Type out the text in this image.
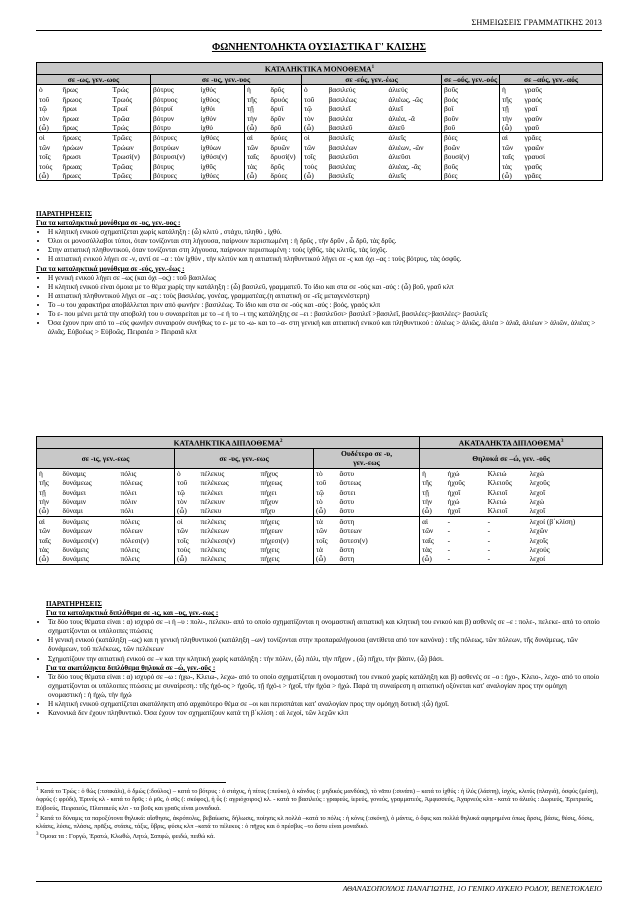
ΣΗΜΕΙΩΣΕΙΣ ΓΡΑΜΜΑΤΙΚΗΣ 2013
ΦΩΝΗΕΝΤΟΛΗΚΤΑ ΟΥΣΙΑΣΤΙΚΑ Γ' ΚΛΙΣΗΣ
ΚΑΤΑΛΗΚΤΙΚΑ ΜΟΝΟΘΕΜΑ$^1$
σε -ως, γεν.-ωος			σε -υς, γεν.-υος				σε -εύς, γεν.-έως			σε –ούς, γεν.-οός	σε –αύς, γεν.-αός	
ὁ	ἥρως	Τρώς	βότρυς	ἰχθύς	ἡ	δρῦς	ὁ	βασιλεύς	ἁλιεύς	βοῦς	ἡ	γραῦς
τοῦ	ἥρωος	Τρωός	βότρυος	ἰχθύος	τῆς	δρυός	τοῦ	βασιλέως	ἁλιέως, -ῶς	βοός	τῆς	γραός
τῷ	ἥρωι	Τρωΐ	βότρυϊ	ἰχθύι	τῇ	δρυΐ	τῷ	βασιλεῖ	ἁλιεῖ	βοΐ	τῇ	γραΐ
τὸν	ἥρωα	Τρῶα	βότρυν	ἰχθύν	τὴν	δρῦν	τὸν	βασιλέα	ἁλιέα, -ᾶ	βοῦν	τὴν	γραῦν
(ὦ)	ἥρως	Τρώς	βότρυ	ἰχθύ	(ὦ)	δρῦ	(ὦ)	βασιλεῦ	ἁλιεῦ	βοῦ	(ὦ)	γραῦ
οἱ	ἥρωες	Τρῶες	βότρυες	ἰχθύες	αἱ	δρύες	οἱ	βασιλεῖς	ἁλιεῖς	βόες	αἱ	γρᾶες
τῶν	ἡρώων	Τρώων	βοτρύων	ἰχθύων	τῶν	δρυῶν	τῶν	βασιλέων	ἁλιέων, -ῶν	βοῶν	τῶν	γραῶν
τοῖς	ἥρωσι	Τρωσί(ν)	βότρυσι(ν)	ἰχθύσι(ν)	ταῖς	δρυσί(ν)	τοῖς	βασιλεῦσι	ἁλιεῦσι	βουσί(ν)	ταῖς	γραυσί
τοὺς	ἥρωας	Τρῶας	βότρυς	ἰχθῦς	τὰς	δρῦς	τοὺς	βασιλέας	ἁλιέας, -ᾶς	βοῦς	τὰς	γραῦς
(ὦ)	ἥρωες	Τρῶες	βότρυες	ἰχθύες	(ὦ)	δρύες	(ὦ)	βασιλεῖς	ἁλιεῖς	βόες	(ὦ)	γρᾶες
ΠΑΡΑΤΗΡΗΣΕΙΣ
Για τα καταληκτικά μονόθεμα σε -υς, γεν.-υος :
• Η κλητική ενικού σχηματίζεται χωρίς κατάληξη : (ὦ) κλιτύ , στάχυ, πληθύ , ἰχθύ.
• Όλοι οι μονοσύλλαβοι τύποι, όταν τονίζονται στη λήγουσα, παίρνουν περισπωμένη : ἡ δρῦς , τὴν δρῦν , ὦ δρῦ, τὰς δρῦς.
• Στην αιτιατική πληθυντικού, όταν τονίζονται στη λήγουσα, παίρνουν περισπωμένη : τοὺς ἰχθῦς, τὰς κλιτῦς, τὰς ἰσχῦς.
• Η αιτιατική ενικού λήγει σε -ν, αντί σε –α : τὸν ἰχθύν , τὴν κλιτύν και η αιτιατική πληθυντικού λήγει σε -ς και όχι –ας : τοὺς βότρυς, τὰς ὀσφῦς.
Για τα καταληκτικά μονόθεμα σε -εύς, γεν.-έως :
• Η γενική ενικού λήγει σε –ως (και όχι –ος) : τοῦ βασιλέως
• Η κλητική ενικού είναι όμοια με το θέμα χωρίς την κατάληξη : (ὦ) βασιλεῦ, γραμματεῦ. Το ίδιο και στα σε -ούς και -αύς : (ὦ) βοῦ, γραῦ κλπ
• Η αιτιατική πληθυντικού λήγει σε –ας : τοὺς βασιλέας, γονέας, γραμματέας.(η αιτιατική σε -εῖς μεταγενέστερη)
• Το –υ του χαρακτήρα αποβάλλεται πριν από φωνήεν : βασιλέως. Το ίδιο και στα σε -ούς και -αύς : βοός, γραός κλπ
• Το ε- που μένει μετά την αποβολή του υ συναιρείται με το –ε ή το –ι της κατάληξης σε –ει : βασιλεῦσι> βασιλεῖ >βασιλεῖ, βασιλέες>βασιλέες> βασιλεῖς
• Όσα έχουν πριν από το –εύς φωνήεν συναιρούν συνήθως το ε- με το -ω- και το –α- στη γενική και αιτιατική ενικού και πληθυντικού : ἁλιέως > ἁλιῶς, ἁλιέα > ἁλιᾶ, ἁλιέων > ἁλιῶν, ἁλιέας > ἁλιᾶς, Εὐβοέως > Εὐβοῶς, Πειραιέα > Πειραιᾶ κλπ
ΚΑΤΑΛΗΚΤΙΚΑ ΔΙΠΛΟΘΕΜΑ$^2$								ΑΚΑΤΑΛΗΚΤΑ ΔΙΠΛΟΘΕΜΑ$^3$
σε -ις, γεν.-εως			σε -υς, γεν.-εως			Ουδέτερο σε -υ,
γεν.-εως		Θηλυκά σε –ώ, γεν. -οῦς			
ἡ	δύναμις	πόλις	ὁ	πέλεκυς	πῆχυς	τὸ	ἄστυ	ἡ	ἠχώ	Κλειώ	λεχώ
τῆς	δυνάμεως	πόλεως	τοῦ	πελέκεως	πήχεως	τοῦ	ἄστεως	τῆς	ἠχοῦς	Κλειοῦς	λεχοῦς
τῇ	δυνάμει	πόλει	τῷ	πελέκει	πήχει	τῷ	ἄστει	τῇ	ἠχοῖ	Κλειοῖ	λεχοῖ
τὴν	δύναμιν	πόλιν	τὸν	πέλεκυν	πῆχυν	τὸ	ἄστυ	τὴν	ἠχώ	Κλειώ	λεχώ
(ὦ)	δύναμι	πόλι	(ὦ)	πέλεκυ	πῆχυ	(ὦ)	ἄστυ	(ὦ)	ἠχοῖ	Κλειοῖ	λεχοῖ
αἱ	δυνάμεις	πόλεις	οἱ	πελέκεις	πήχεις	τὰ	ἄστη	αἱ	-	-	λεχοί (β΄κλίση)
τῶν	δυνάμεων	πόλεων	τῶν	πελέκεων	πήχεων	τῶν	ἄστεων	τῶν	-	-	λεχῶν
ταῖς	δυνάμεσι(ν)	πόλεσι(ν)	τοῖς	πελέκεσι(ν)	πήχεσι(ν)	τοῖς	ἄστεσι(ν)	ταῖς	-	-	λεχοῖς
τὰς	δυνάμεις	πόλεις	τοὺς	πελέκεις	πήχεις	τὰ	ἄστη	τὰς	-	-	λεχούς
(ὦ)	δυνάμεις	πόλεις	(ὦ)	πελέκεις	πήχεις	(ὦ)	ἄστη	(ὦ)	-	-	λεχοί
ΠΑΡΑΤΗΡΗΣΕΙΣ
Για τα καταληκτικά διπλόθεμα σε -ις, και –υς, γεν.-εως :
• Τα δύο τους θέματα είναι : α) ισχυρό σε –ι ή –υ : πολι-, πελεκυ- από το οποίο σχηματίζονται η ονομαστική αιτιατική και κλητική του ενικού και β) ασθενές σε –ε : πολε-, πελεκε- από το οποίο σχηματίζονται οι υπόλοιπες πτώσεις
• Η γενική ενικού (κατάληξη –ως) και η γενική πληθυντικού (κατάληξη –ων) τονίζονται στην προπαραλήγουσα (αντίθετα από τον κανόνα) : τῆς πόλεως, τῶν πόλεων, τῆς δυνάμεως, τῶν δυνάμεων, τοῦ πελέκεως, τῶν πελέκεων
• Σχηματίζουν την αιτιατική ενικού σε –ν και την κλητική χωρίς κατάληξη : τὴν πόλιν, (ὦ) πόλι, τὴν πῆχυν , (ὦ) πῆχυ, τὴν βάσιν, (ὦ) βάσι.
Για τα ακατάληκτα διπλόθεμα θηλυκά σε –ώ, γεν.-οῦς :
• Τα δύο τους θέματα είναι : α) ισχυρό σε –ω : ἠχω-, Κλειω-, λεχω- από το οποίο σχηματίζεται η ονομαστική του ενικού χωρίς κατάληξη και β) ασθενές σε –ο : ἠχο-, Κλειο-, λεχο- από το οποίο σχηματίζονται οι υπόλοιπες πτώσεις με συναίρεση.: τῆς ἠχό-ος > ἠχοῦς, τῇ ἠχό-ι > ἠχοῖ, τὴν ἠχόα > ἠχώ. Παρά τη συναίρεση η αιτιατική οξύνεται κατ' αναλογίαν προς την ομόηχη ονομαστική : ἡ ἠχώ, τὴν ἠχώ
• Η κλητική ενικού σχηματίζεται ακατάληκτη από αρχαιότερο θέμα σε –οι και περισπάται κατ' αναλογίαν προς την ομόηχη δοτική :(ὦ) ἠχοῖ.
• Κανονικά δεν έχουν πληθυντικό. Όσα έχουν τον σχηματίζουν κατά τη β΄κλίση : αἱ λεχοί, τῶν λεχῶν κλπ
$^1$ Κατά το Τρώς : ὁ θώς (:τσακάλι), ὁ δμώς (:δούλος) – κατά το βότρυς : ὁ στάχυς, ἡ πίτυς (:πεύκο), ὁ κάνδυς (: μηδικός μανδύας), τὸ νᾶπυ (:σινάπι) – κατά το ἰχθύς : ἡ ἰλύς (λάσπη), ἰσχύς, κλιτύς (πλαγιά), ὀσφύς (μέση), ὀφρύς (: φρύδι), Ἐρινύς κλ - κατά το δρῦς : ὁ μῦς, ὁ σῦς (: σκύφος), ἡ ὗς (: αγριόχοιρος) κλ. - κατά το βασιλεύς : γραφεύς, ἱερεύς, γονεύς, γραμματεύς, Ἀμφισσεύς, Ἀχαρνεύς κλπ - κατά το ἁλιεύς : Δωριεύς, Ἐρετριεύς, Εὐβοεύς, Πειραιεύς, Πλαταιεύς κλπ - τα βοῦς και γραῦς είναι μοναδικά.
$^2$ Κατά το δύναμις τα παροξύτονα θηλυκά: αἴσθησις, ἀκρόπολις, βεβαίωσις, δήλωσις, ποίησις κλ πολλά –κατά το πόλις : ἡ κόνις (:σκόνη), ὁ μάντις, ὁ ὄφις και πολλά θηλυκά αφηρημένα όπως ἄρσις, βάσις, θέσις, δόσις, κλάσις, λύσις, πλάσις, πρᾶξις, στάσις, τάξις, ὕβρις, φύσις κλπ –κατά το πέλεκυς : ὁ πῆχυς και ὁ πρέσβυς –το ἄστυ είναι μοναδικό.
$^3$ Όμοια τα : Γοργώ, Ἐρατώ, Κλωθώ, Λητώ, Σαπφώ, φειδώ, πειθώ κά.
ΑΘΑΝΑΣΟΠΟΥΛΟΣ ΠΑΝΑΓΙΩΤΗΣ, 1Ο ΓΕΝΙΚΟ ΛΥΚΕΙΟ ΡΟΔΟΥ, ΒΕΝΕΤΟΚΛΕΙΟ
